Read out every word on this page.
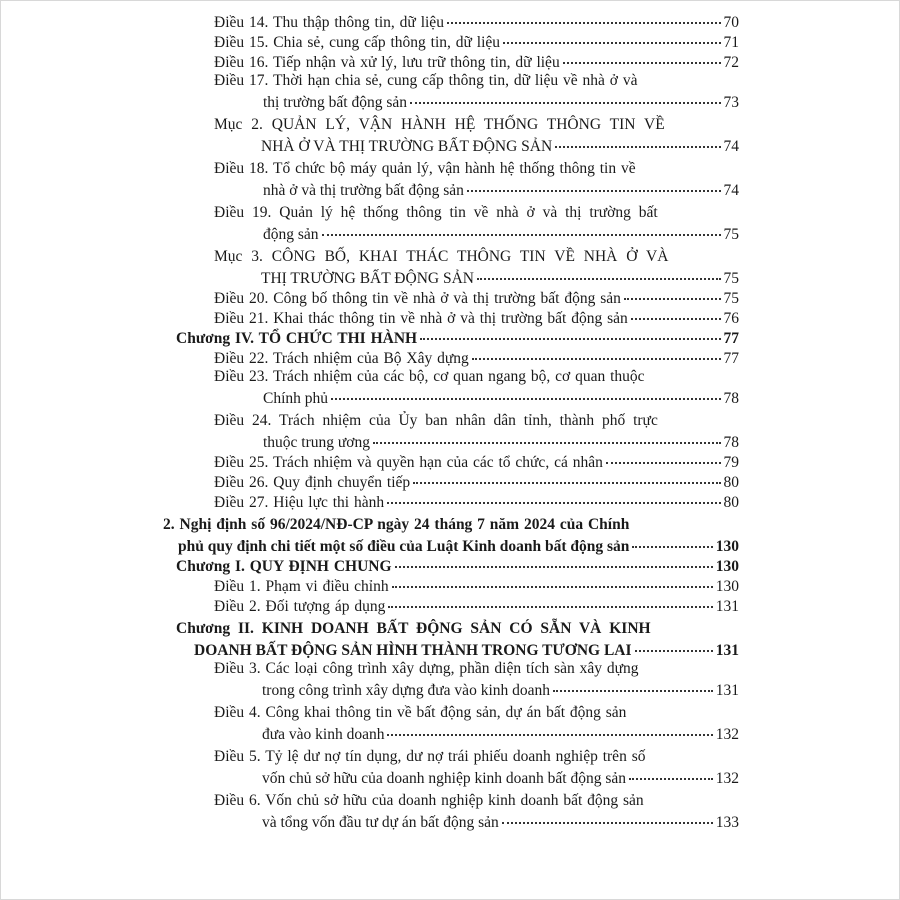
Điều 14. Thu thập thông tin, dữ liệu	70
Điều 15. Chia sẻ, cung cấp thông tin, dữ liệu	71
Điều 16. Tiếp nhận và xử lý, lưu trữ thông tin, dữ liệu	72
Điều 17. Thời hạn chia sẻ, cung cấp thông tin, dữ liệu về nhà ở và
thị trường bất động sản	73
Mục 2. QUẢN LÝ, VẬN HÀNH HỆ THỐNG THÔNG TIN VỀ
NHÀ Ở VÀ THỊ TRƯỜNG BẤT ĐỘNG SẢN	74
Điều 18. Tổ chức bộ máy quản lý, vận hành hệ thống thông tin về
nhà ở và thị trường bất động sản	74
Điều 19. Quản lý hệ thống thông tin về nhà ở và thị trường bất
động sản	75
Mục 3. CÔNG BỐ, KHAI THÁC THÔNG TIN VỀ NHÀ Ở VÀ
THỊ TRƯỜNG BẤT ĐỘNG SẢN	75
Điều 20. Công bố thông tin về nhà ở và thị trường bất động sản	75
Điều 21. Khai thác thông tin về nhà ở và thị trường bất động sản	76
Chương IV. TỔ CHỨC THI HÀNH	77
Điều 22. Trách nhiệm của Bộ Xây dựng	77
Điều 23. Trách nhiệm của các bộ, cơ quan ngang bộ, cơ quan thuộc
Chính phủ	78
Điều 24. Trách nhiệm của Ủy ban nhân dân tỉnh, thành phố trực
thuộc trung ương	78
Điều 25. Trách nhiệm và quyền hạn của các tổ chức, cá nhân	79
Điều 26. Quy định chuyển tiếp	80
Điều 27. Hiệu lực thi hành	80
2. Nghị định số 96/2024/NĐ-CP ngày 24 tháng 7 năm 2024 của Chính
phủ quy định chi tiết một số điều của Luật Kinh doanh bất động sản	130
Chương I. QUY ĐỊNH CHUNG	130
Điều 1. Phạm vi điều chỉnh	130
Điều 2. Đối tượng áp dụng	131
Chương II. KINH DOANH BẤT ĐỘNG SẢN CÓ SẴN VÀ KINH
DOANH BẤT ĐỘNG SẢN HÌNH THÀNH TRONG TƯƠNG LAI	131
Điều 3. Các loại công trình xây dựng, phần diện tích sàn xây dựng
trong công trình xây dựng đưa vào kinh doanh	131
Điều 4. Công khai thông tin về bất động sản, dự án bất động sản
đưa vào kinh doanh	132
Điều 5. Tỷ lệ dư nợ tín dụng, dư nợ trái phiếu doanh nghiệp trên số
vốn chủ sở hữu của doanh nghiệp kinh doanh bất động sản	132
Điều 6. Vốn chủ sở hữu của doanh nghiệp kinh doanh bất động sản
và tổng vốn đầu tư dự án bất động sản	133
